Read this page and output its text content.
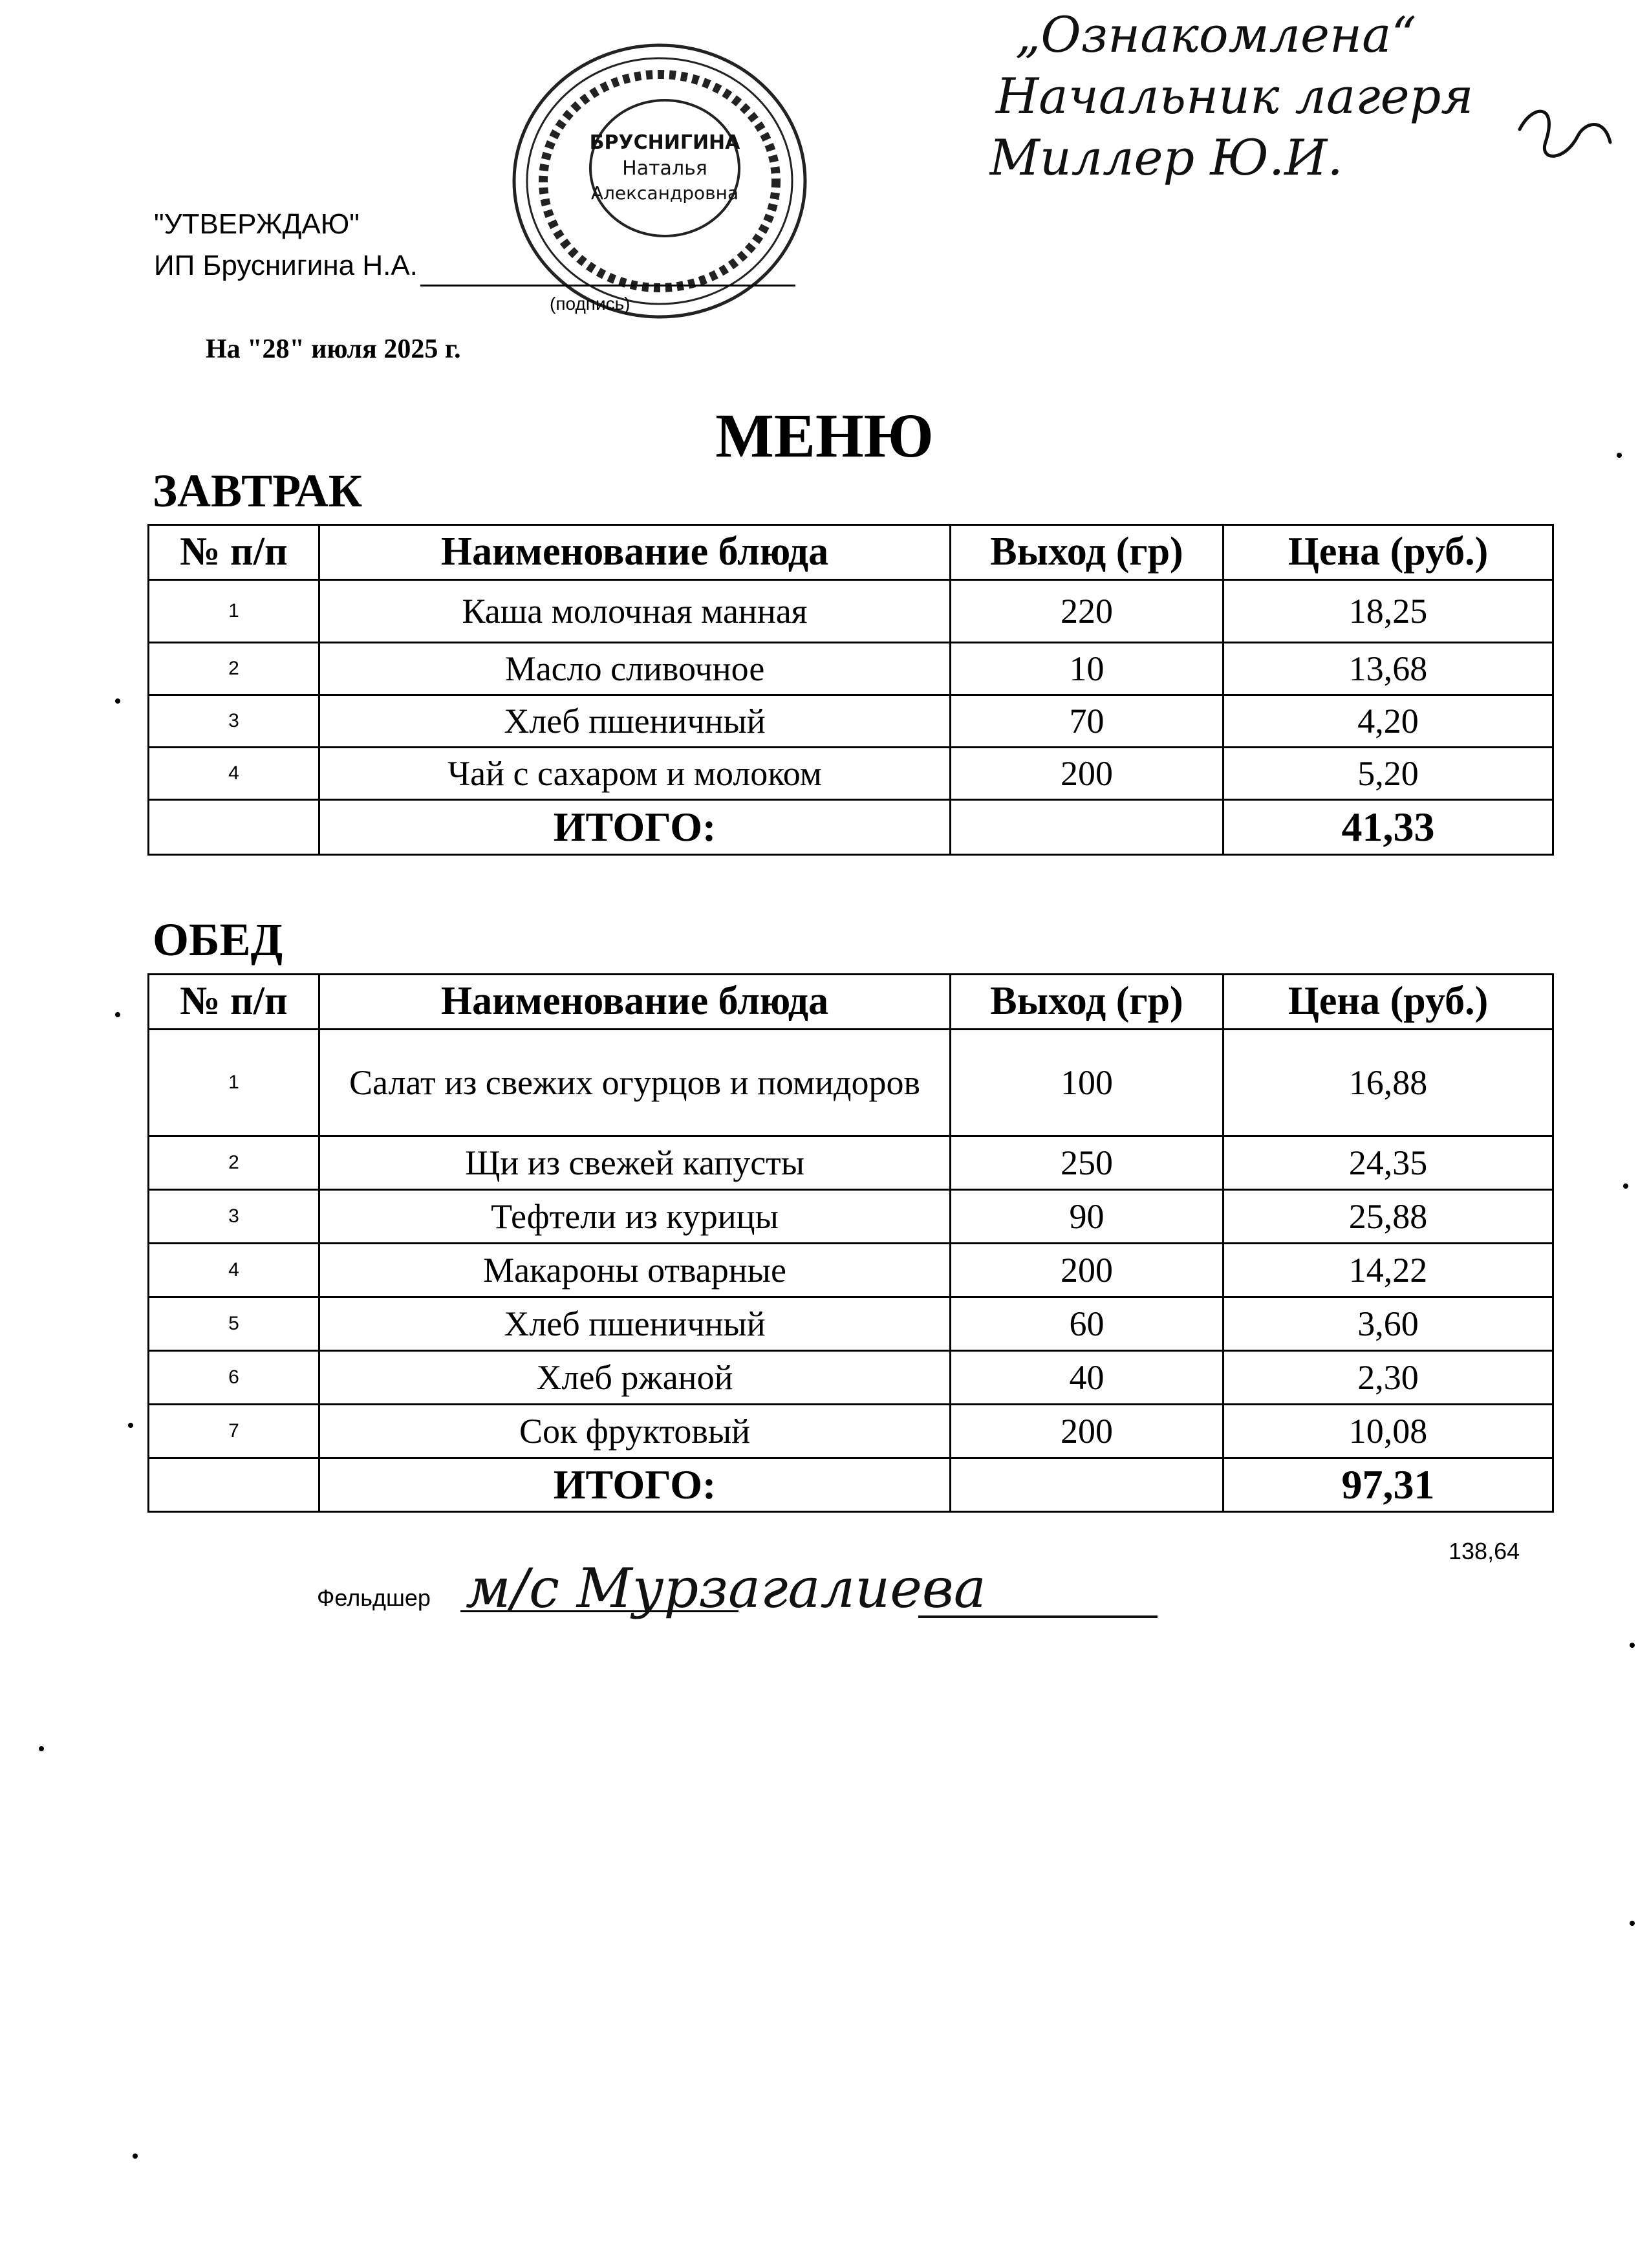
„Ознакомлена“
Начальник лагеря
Миллер Ю.И.
БРУСНИГИНА
Наталья
Александровна
"УТВЕРЖДАЮ"
ИП Бруснигина Н.А.
(подпись)
На "28" июля 2025 г.
МЕНЮ
ЗАВТРАК
№ п/п	Наименование блюда	Выход (гр)	Цена (руб.)
1	Каша молочная манная	220	18,25
2	Масло сливочное	10	13,68
3	Хлеб пшеничный	70	4,20
4	Чай с сахаром и молоком	200	5,20
	ИТОГО:		41,33
ОБЕД
№ п/п	Наименование блюда	Выход (гр)	Цена (руб.)
1	Салат из свежих огурцов и помидоров	100	16,88
2	Щи из свежей капусты	250	24,35
3	Тефтели из курицы	90	25,88
4	Макароны отварные	200	14,22
5	Хлеб пшеничный	60	3,60
6	Хлеб ржаной	40	2,30
7	Сок фруктовый	200	10,08
	ИТОГО:		97,31
138,64
Фельдшер м/с Мурзагалиева
